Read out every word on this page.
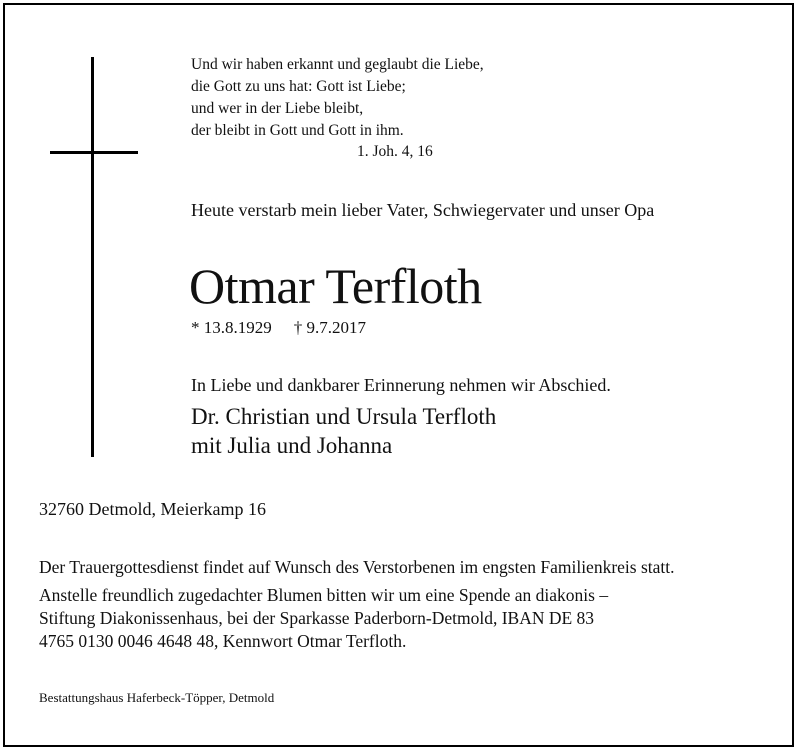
Und wir haben erkannt und geglaubt die Liebe,
die Gott zu uns hat: Gott ist Liebe;
und wer in der Liebe bleibt,
der bleibt in Gott und Gott in ihm.
1. Joh. 4, 16
Heute verstarb mein lieber Vater, Schwiegervater und unser Opa
Otmar Terfloth
* 13.8.1929 † 9.7.2017
In Liebe und dankbarer Erinnerung nehmen wir Abschied.
Dr. Christian und Ursula Terfloth
mit Julia und Johanna
32760 Detmold, Meierkamp 16
Der Trauergottesdienst findet auf Wunsch des Verstorbenen im engsten Familienkreis statt.
Anstelle freundlich zugedachter Blumen bitten wir um eine Spende an diakonis –
Stiftung Diakonissenhaus, bei der Sparkasse Paderborn-Detmold, IBAN DE 83
4765 0130 0046 4648 48, Kennwort Otmar Terfloth.
Bestattungshaus Haferbeck-Töpper, Detmold
